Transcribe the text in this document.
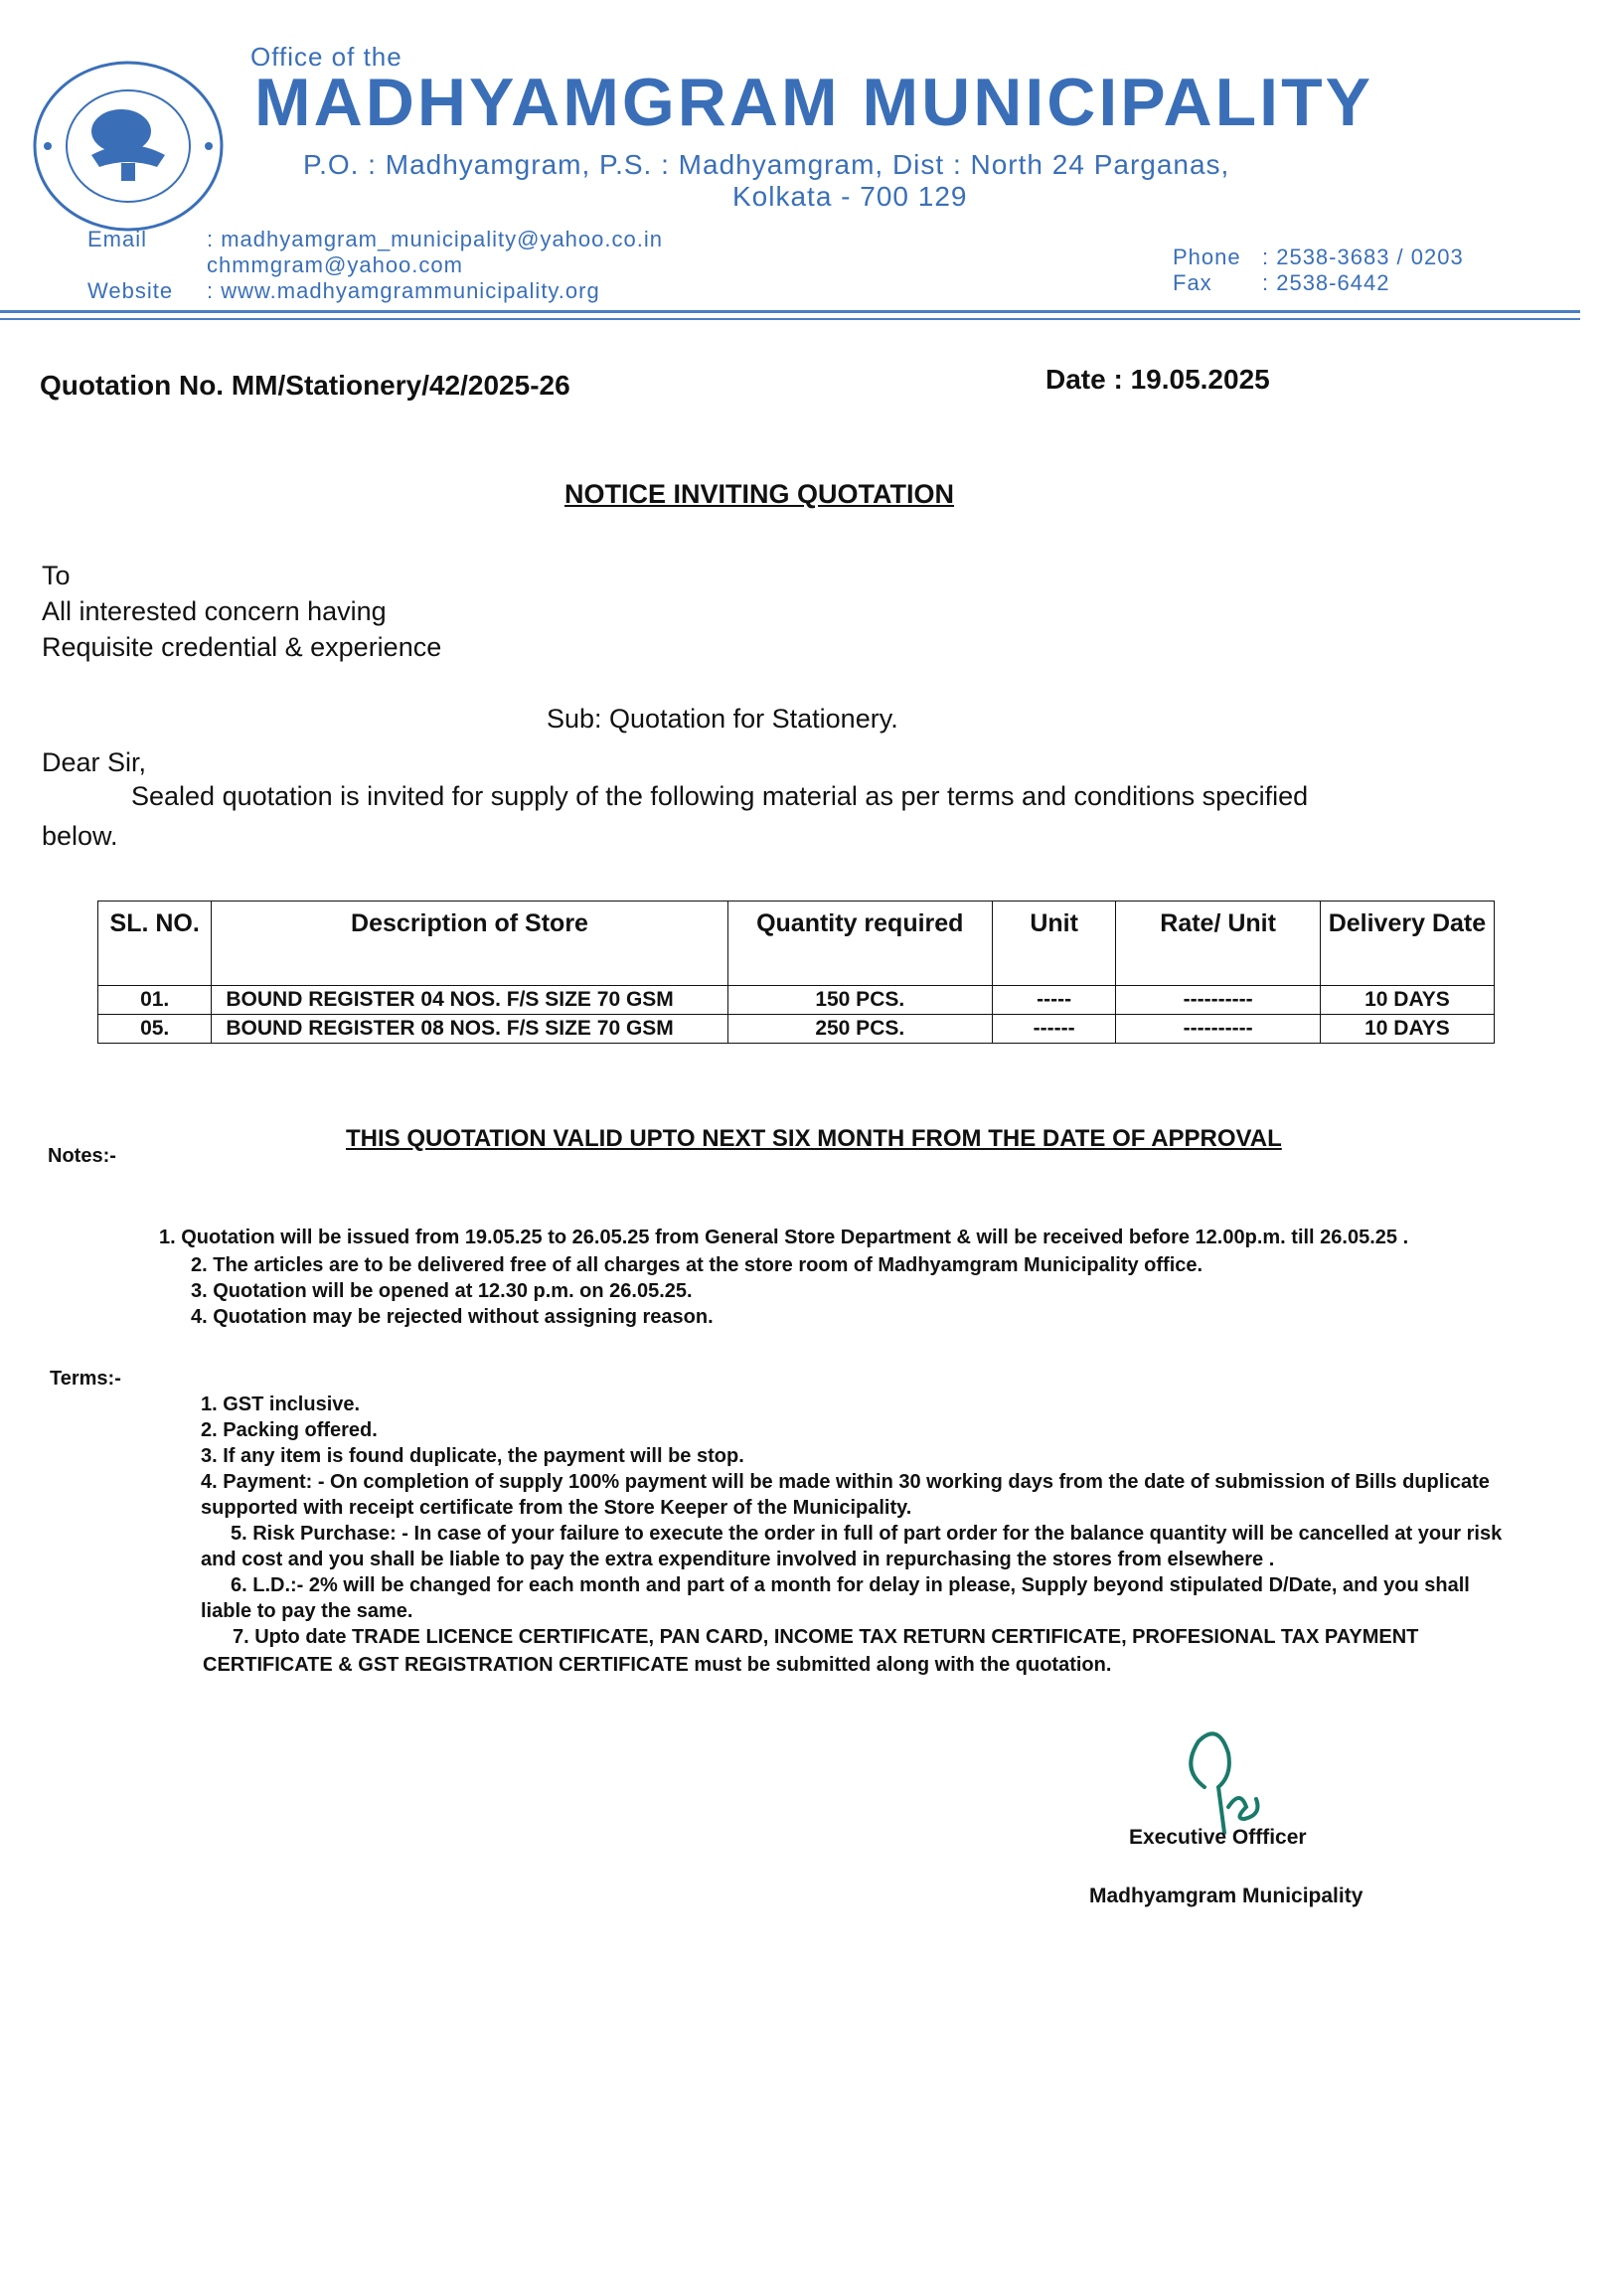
Office of the
MADHYAMGRAM MUNICIPALITY
P.O. : Madhyamgram, P.S. : Madhyamgram, Dist : North 24 Parganas,
Kolkata - 700 129
Email	: madhyamgram_municipality@yahoo.co.in
chmmgram@yahoo.com
Website	: www.madhyamgrammunicipality.org
Phone : 2538-3683 / 0203
Fax	: 2538-6442
Quotation No. MM/Stationery/42/2025-26	Date : 19.05.2025
NOTICE INVITING QUOTATION
To
All interested concern having
Requisite credential & experience
Sub: Quotation for Stationery.
Dear Sir,
Sealed quotation is invited for supply of the following material as per terms and conditions specified
below.
SL. NO.	Description of Store	Quantity required	Unit	Rate/ Unit	Delivery Date
01.	BOUND REGISTER 04 NOS. F/S SIZE 70 GSM	150 PCS.	-----	----------	10 DAYS
05.	BOUND REGISTER 08 NOS. F/S SIZE 70 GSM	250 PCS.	------	----------	10 DAYS
Notes:-
THIS QUOTATION VALID UPTO NEXT SIX MONTH FROM THE DATE OF APPROVAL
1. Quotation will be issued from 19.05.25 to 26.05.25 from General Store Department & will be received before 12.00p.m. till 26.05.25 .
2. The articles are to be delivered free of all charges at the store room of Madhyamgram Municipality office.
3. Quotation will be opened at 12.30 p.m. on 26.05.25.
4. Quotation may be rejected without assigning reason.
Terms:-
1. GST inclusive.
2. Packing offered.
3. If any item is found duplicate, the payment will be stop.
4. Payment: - On completion of supply 100% payment will be made within 30 working days from the date of submission of Bills duplicate
supported with receipt certificate from the Store Keeper of the Municipality.
5. Risk Purchase: - In case of your failure to execute the order in full of part order for the balance quantity will be cancelled at your risk
and cost and you shall be liable to pay the extra expenditure involved in repurchasing the stores from elsewhere .
6. L.D.:- 2% will be changed for each month and part of a month for delay in please, Supply beyond stipulated D/Date, and you shall
liable to pay the same.
7. Upto date TRADE LICENCE CERTIFICATE, PAN CARD, INCOME TAX RETURN CERTIFICATE, PROFESIONAL TAX PAYMENT
CERTIFICATE & GST REGISTRATION CERTIFICATE must be submitted along with the quotation.
Executive Offficer
Madhyamgram Municipality
